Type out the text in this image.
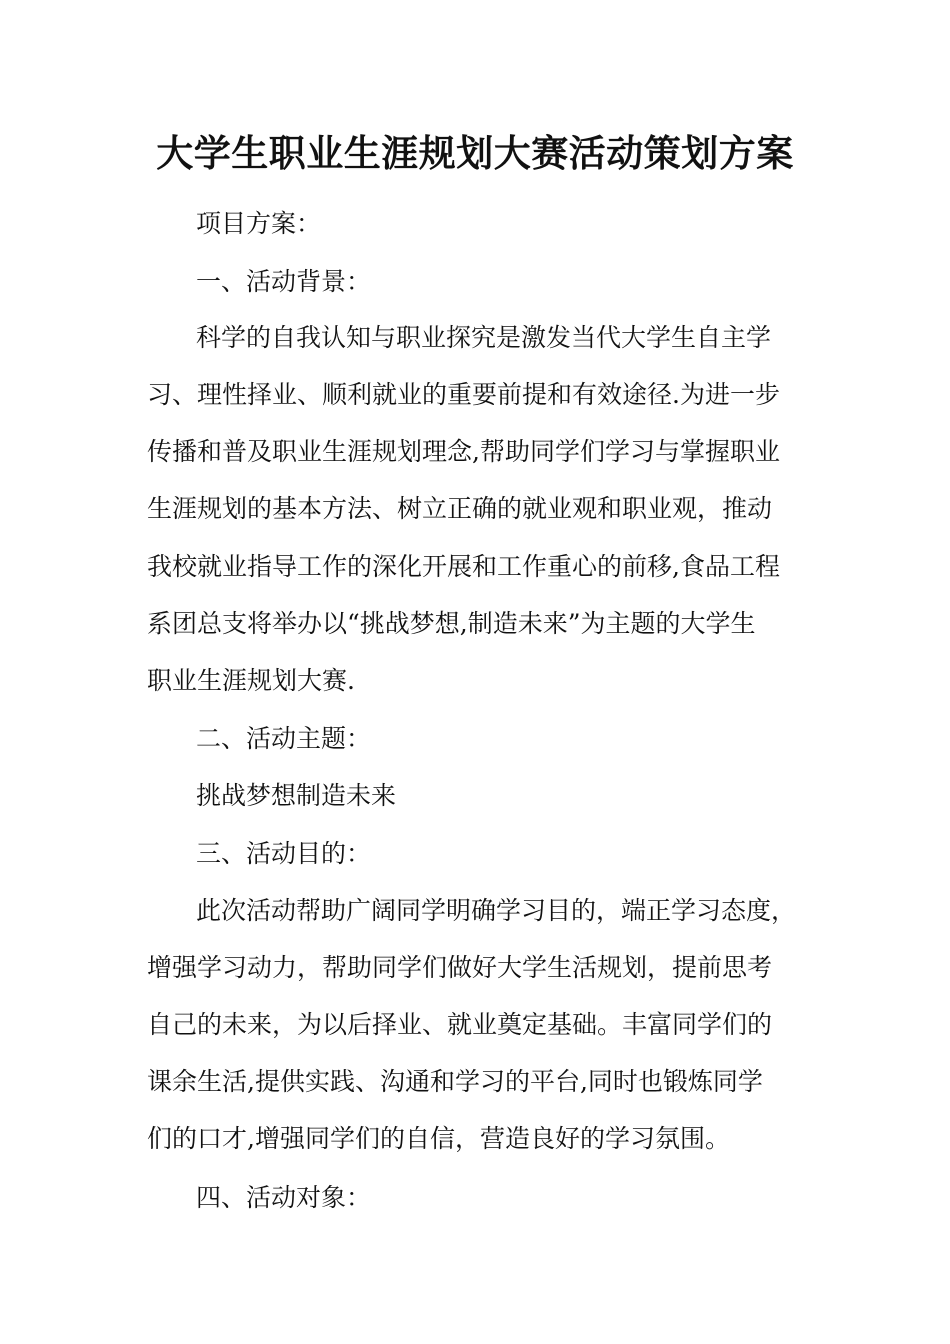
大学生职业生涯规划大赛活动策划方案
项目方案：
一、活动背景：
科学的自我认知与职业探究是激发当代大学生自主学
习、理性择业、顺利就业的重要前提和有效途径.为进一步
传播和普及职业生涯规划理念,帮助同学们学习与掌握职业
生涯规划的基本方法、树立正确的就业观和职业观，推动
我校就业指导工作的深化开展和工作重心的前移,食品工程
系团总支将举办以“挑战梦想,制造未来”为主题的大学生
职业生涯规划大赛.
二、活动主题：
挑战梦想制造未来
三、活动目的：
此次活动帮助广阔同学明确学习目的，端正学习态度，
增强学习动力，帮助同学们做好大学生活规划，提前思考
自己的未来，为以后择业、就业奠定基础。丰富同学们的
课余生活,提供实践、沟通和学习的平台,同时也锻炼同学
们的口才,增强同学们的自信，营造良好的学习氛围。
四、活动对象：
